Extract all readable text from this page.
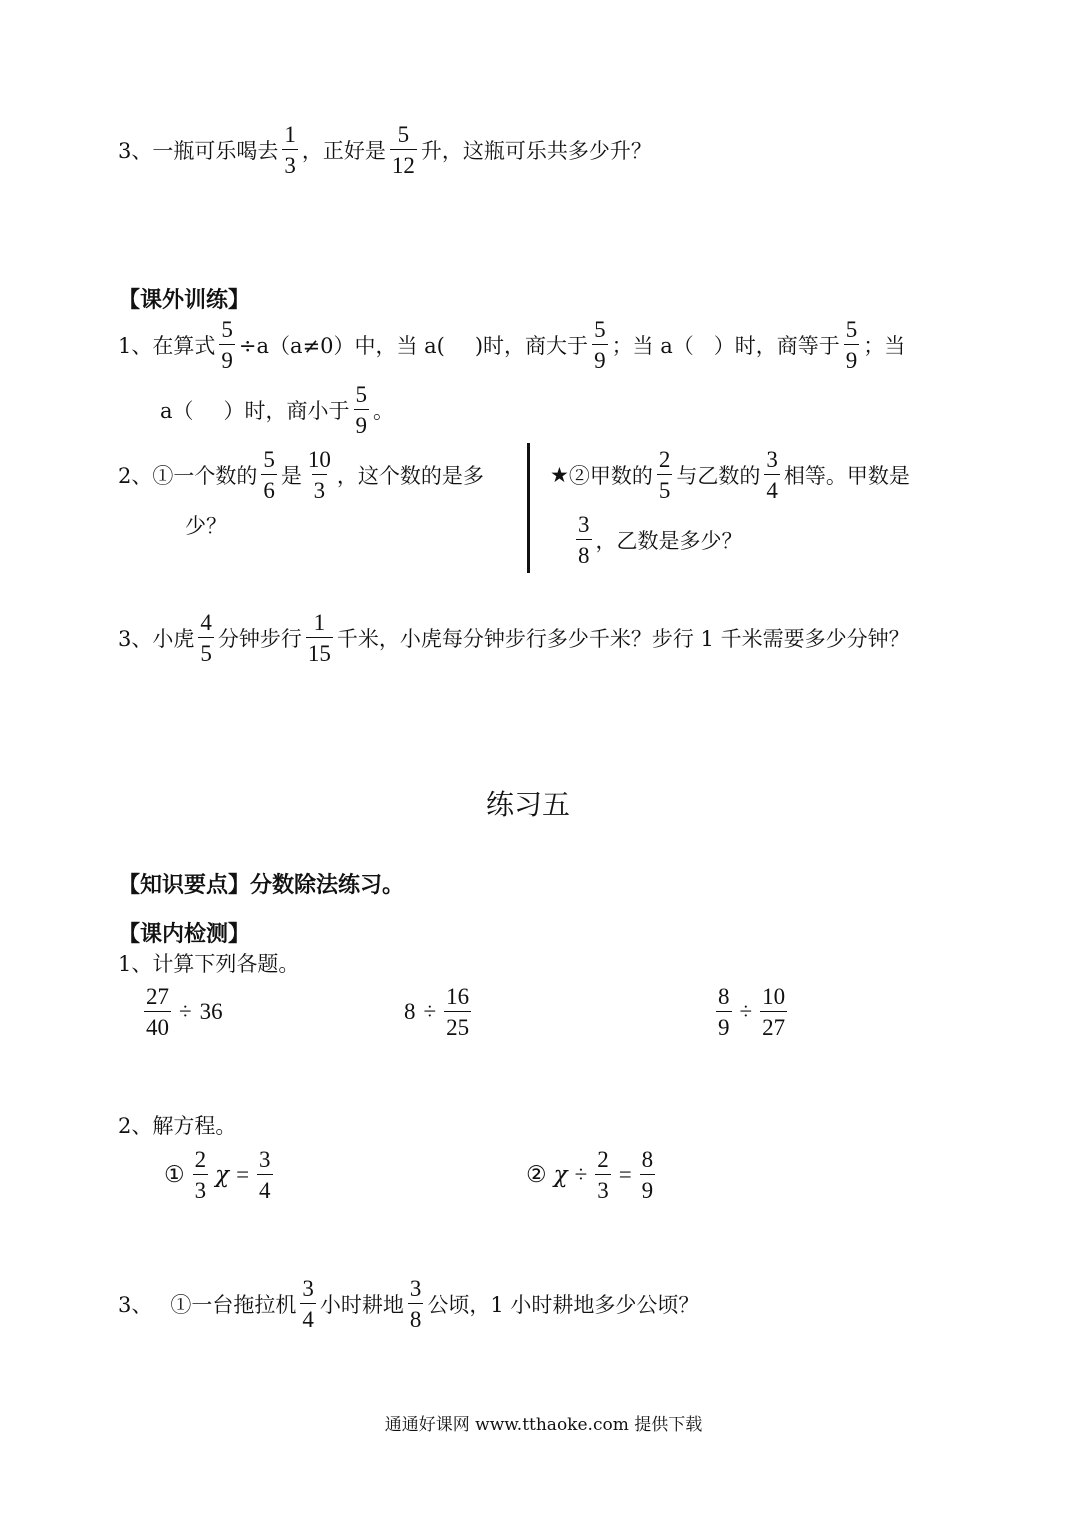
3、 一瓶可乐喝去 $\frac{1}{3}$ ，正好是 $\frac{5}{12}$ 升，这瓶可乐共多少升？
【课外训练】
1、 在算式 $\frac{5}{9} \div a(a\ne 0)$中，当 a( )时，商大于 $\frac{5}{9}$ ；当 a（ ）时，商等于 $\frac{5}{9}$ ；当
a（ ）时，商小于 $\frac{5}{9}$ 。
2、 ①一个数的 $\frac{5}{6}$ 是 $\frac{10}{3}$ ，这个数的是多
少？
★ ②甲数的 $\frac{2}{5}$ 与乙数的 $\frac{3}{4}$ 相等。甲数是
$\frac{3}{8}$ ，乙数是多少？
3、 小虎 $\frac{4}{5}$ 分钟步行 $\frac{1}{15}$ 千米，小虎每分钟步行多少千米？步行 1 千米需要多少分钟？
练习五
【知识要点】分数除法练习。
【课内检测】
1、计算下列各题。
$\frac{27}{40} \div 36$	$8 \div \frac{16}{25}$	$\frac{8}{9} \div \frac{10}{27}$
2、解方程。
① $\frac{2}{3}$ $\chi = \frac{3}{4}$	② $\chi \div \frac{2}{3} = \frac{8}{9}$
3、 ①一台拖拉机 $\frac{3}{4}$ 小时耕地 $\frac{3}{8}$ 公顷，1 小时耕地多少公顷？
通通好课网 www.tthaoke.com 提供下载
